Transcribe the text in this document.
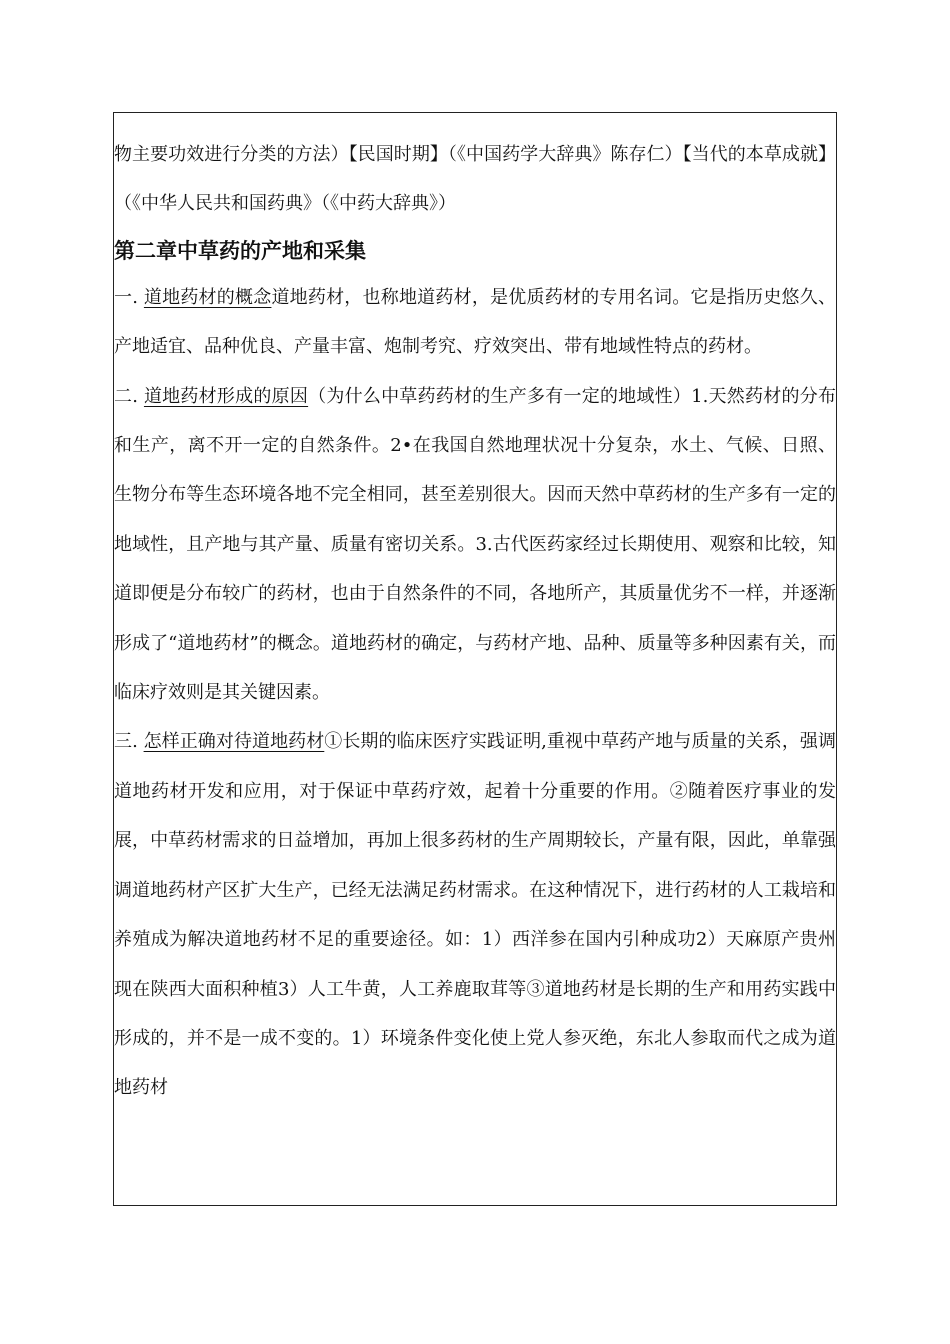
物主要功效进行分类的方法）【民国时期】（《中国药学大辞典》陈存仁）【当代的本草成就】（《中华人民共和国药典》（《中药大辞典》）

第二章中草药的产地和采集

一. 道地药材的概念道地药材，也称地道药材，是优质药材的专用名词。它是指历史悠久、产地适宜、品种优良、产量丰富、炮制考究、疗效突出、带有地域性特点的药材。

二. 道地药材形成的原因（为什么中草药药材的生产多有一定的地域性）1.天然药材的分布和生产，离不开一定的自然条件。2•在我国自然地理状况十分复杂，水土、气候、日照、生物分布等生态环境各地不完全相同，甚至差别很大。因而天然中草药材的生产多有一定的地域性，且产地与其产量、质量有密切关系。3.古代医药家经过长期使用、观察和比较，知道即便是分布较广的药材，也由于自然条件的不同，各地所产，其质量优劣不一样，并逐渐形成了“道地药材”的概念。道地药材的确定，与药材产地、品种、质量等多种因素有关，而临床疗效则是其关键因素。

三. 怎样正确对待道地药材①长期的临床医疗实践证明,重视中草药产地与质量的关系，强调道地药材开发和应用，对于保证中草药疗效，起着十分重要的作用。②随着医疗事业的发展，中草药材需求的日益增加，再加上很多药材的生产周期较长，产量有限，因此，单靠强调道地药材产区扩大生产，已经无法满足药材需求。在这种情况下，进行药材的人工栽培和养殖成为解决道地药材不足的重要途径。如：1）西洋参在国内引种成功2）天麻原产贵州现在陕西大面积种植3）人工牛黄，人工养鹿取茸等③道地药材是长期的生产和用药实践中形成的，并不是一成不变的。1）环境条件变化使上党人参灭绝，东北人参取而代之成为道地药材
